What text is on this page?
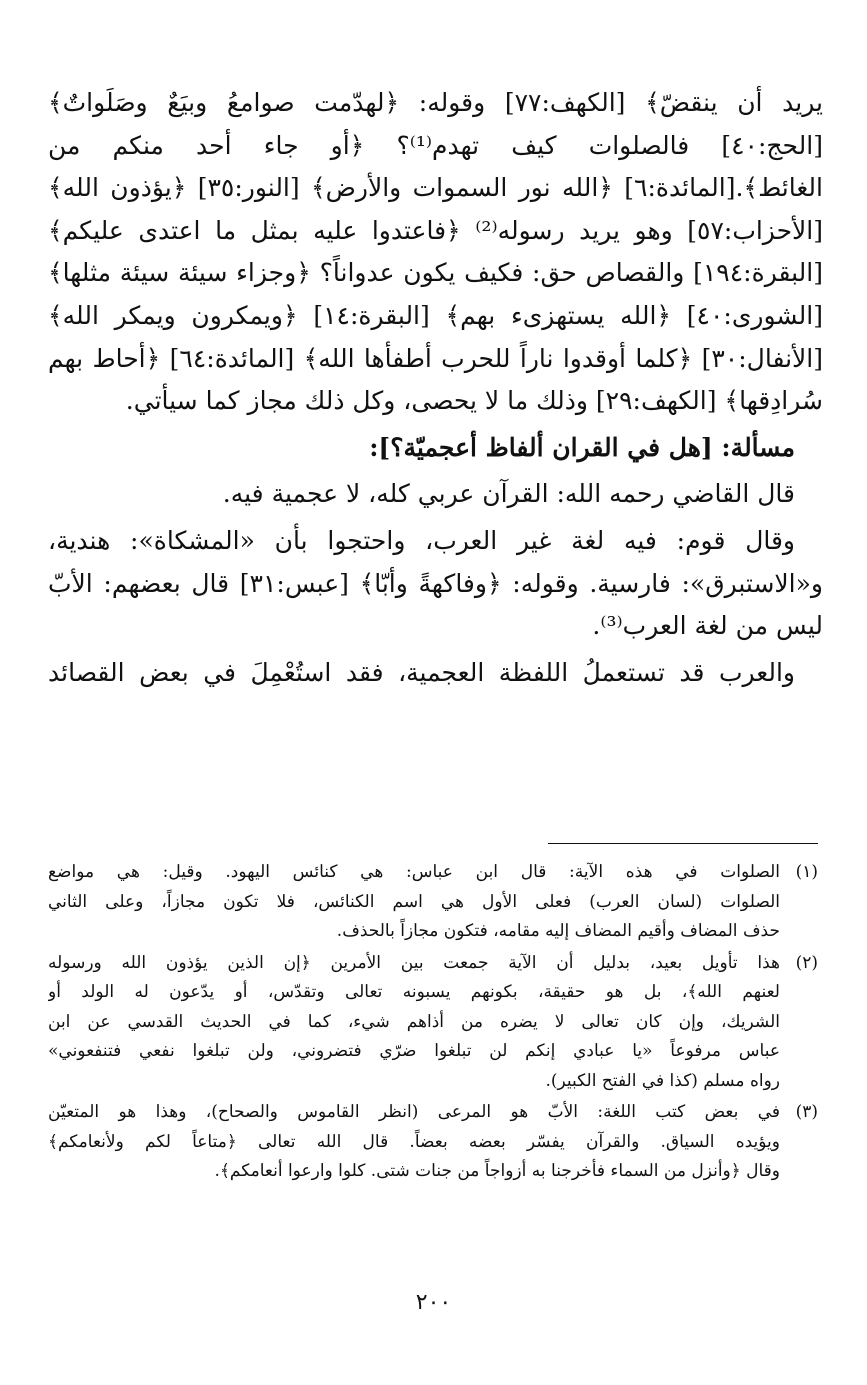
يريد أن ينقضّ﴾ [الكهف:٧٧] وقوله: ﴿لهدّمت صوامعُ وبيَعٌ وصَلَواتٌ﴾
[الحج:٤٠] فالصلوات كيف تهدم⁽¹⁾؟ ﴿أو جاء أحد منكم من
الغائط﴾.[المائدة:٦] ﴿الله نور السموات والأرض﴾ [النور:٣٥] ﴿يؤذون الله﴾
[الأحزاب:٥٧] وهو يريد رسوله⁽²⁾ ﴿فاعتدوا عليه بمثل ما اعتدى عليكم﴾
[البقرة:١٩٤] والقصاص حق: فكيف يكون عدواناً؟ ﴿وجزاء سيئة سيئة مثلها﴾
[الشورى:٤٠] ﴿الله يستهزىء بهم﴾ [البقرة:١٤] ﴿ويمكرون ويمكر الله﴾
[الأنفال:٣٠] ﴿كلما أوقدوا ناراً للحرب أطفأها الله﴾ [المائدة:٦٤] ﴿أحاط بهم
سُرادِقها﴾ [الكهف:٢٩] وذلك ما لا يحصى، وكل ذلك مجاز كما سيأتي.
مسألة: [هل في القران ألفاظ أعجميّة؟]:
قال القاضي رحمه الله: القرآن عربي كله، لا عجمية فيه.
وقال قوم: فيه لغة غير العرب، واحتجوا بأن «المشكاة»: هندية،
و«الاستبرق»: فارسية. وقوله: ﴿وفاكهةً وأبّا﴾ [عبس:٣١] قال بعضهم: الأبّ
ليس من لغة العرب⁽³⁾.
والعرب قد تستعملُ اللفظة العجمية، فقد استُعْمِلَ في بعض القصائد
(١)
الصلوات في هذه الآية: قال ابن عباس: هي كنائس اليهود. وقيل: هي مواضع
الصلوات (لسان العرب) فعلى الأول هي اسم الكنائس، فلا تكون مجازاً، وعلى الثاني
حذف المضاف وأقيم المضاف إليه مقامه، فتكون مجازاً بالحذف.
(٢)
هذا تأويل بعيد، بدليل أن الآية جمعت بين الأمرين ﴿إن الذين يؤذون الله ورسوله
لعنهم الله﴾، بل هو حقيقة، بكونهم يسبونه تعالى وتقدّس، أو يدّعون له الولد أو
الشريك، وإن كان تعالى لا يضره من أذاهم شيء، كما في الحديث القدسي عن ابن
عباس مرفوعاً «يا عبادي إنكم لن تبلغوا ضرّي فتضروني، ولن تبلغوا نفعي فتنفعوني»
رواه مسلم (كذا في الفتح الكبير).
(٣)
في بعض كتب اللغة: الأبّ هو المرعى (انظر القاموس والصحاح)، وهذا هو المتعيّن
ويؤيده السياق. والقرآن يفسّر بعضه بعضاً. قال الله تعالى ﴿متاعاً لكم ولأنعامكم﴾
وقال ﴿وأنزل من السماء فأخرجنا به أزواجاً من جنات شتى. كلوا وارعوا أنعامكم﴾.
٢٠٠
